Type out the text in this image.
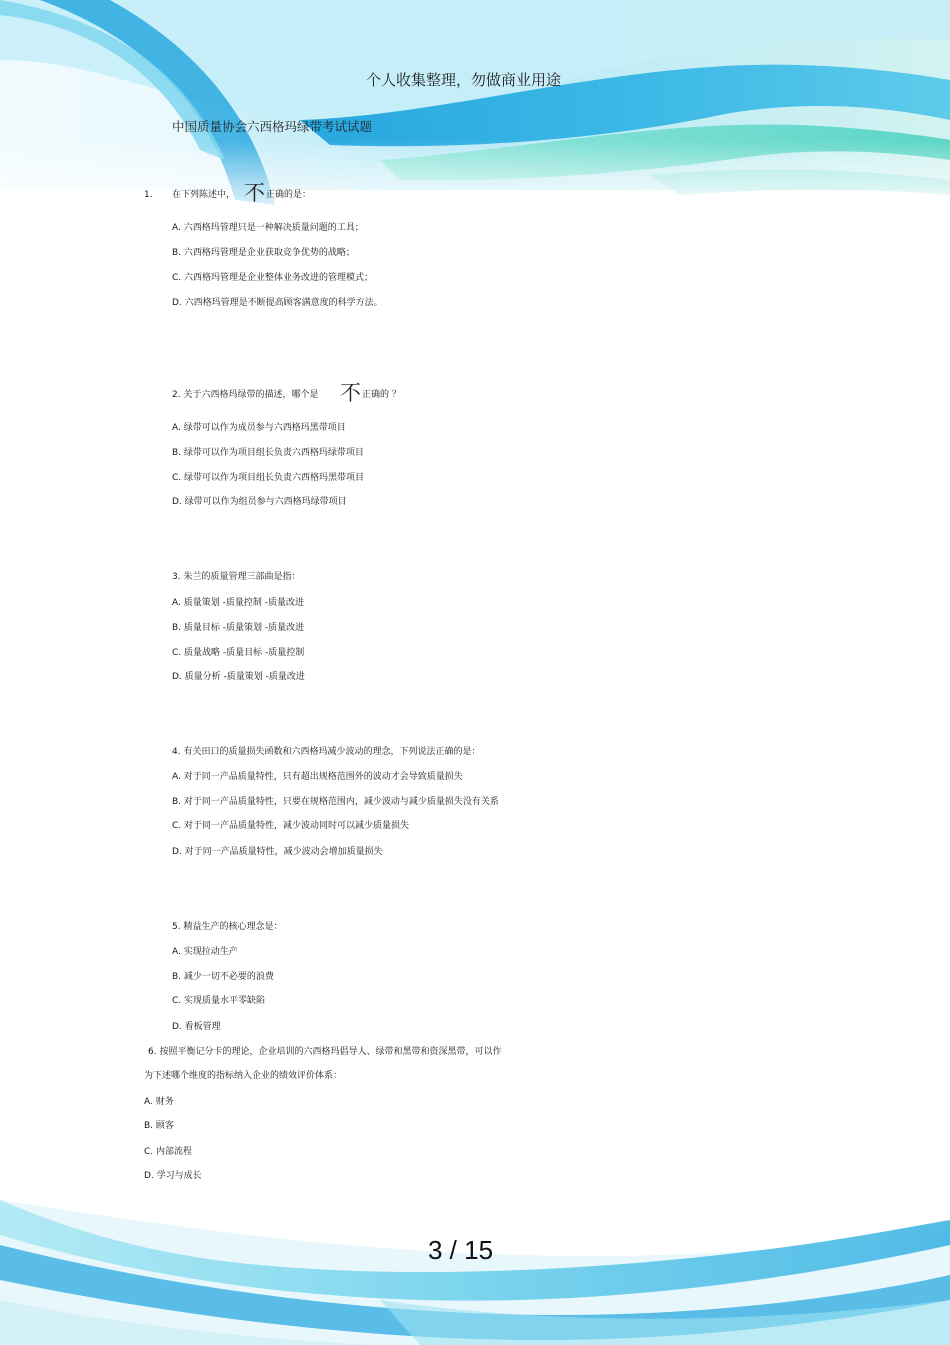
个人收集整理，勿做商业用途
中国质量协会六西格玛绿带考试试题
1. 在下列陈述中， 不 正确的是：
A. 六西格玛管理只是一种解决质量问题的工具；
B. 六西格玛管理是企业获取竞争优势的战略；
C. 六西格玛管理是企业整体业务改进的管理模式；
D. 六西格玛管理是不断提高顾客满意度的科学方法。
2. 关于六西格玛绿带的描述，哪个是 不 正确的 ？
A. 绿带可以作为成员参与六西格玛黑带项目
B. 绿带可以作为项目组长负责六西格玛绿带项目
C. 绿带可以作为项目组长负责六西格玛黑带项目
D. 绿带可以作为组员参与六西格玛绿带项目
3. 朱兰的质量管理三部曲是指：
A. 质量策划 -质量控制 -质量改进
B. 质量目标 -质量策划 -质量改进
C. 质量战略 -质量目标 -质量控制
D. 质量分析 -质量策划 -质量改进
4. 有关田口的质量损失函数和六西格玛减少波动的理念，下列说法正确的是：
A. 对于同一产品质量特性，只有超出规格范围外的波动才会导致质量损失
B. 对于同一产品质量特性，只要在规格范围内，减少波动与减少质量损失没有关系
C. 对于同一产品质量特性，减少波动同时可以减少质量损失
D. 对于同一产品质量特性，减少波动会增加质量损失
5. 精益生产的核心理念是：
A. 实现拉动生产
B. 减少一切不必要的浪费
C. 实现质量水平零缺陷
D. 看板管理
6. 按照平衡记分卡的理论，企业培训的六西格玛倡导人、绿带和黑带和资深黑带，可以作
为下述哪个维度的指标纳入企业的绩效评价体系：
A. 财务
B. 顾客
C. 内部流程
D. 学习与成长
3 / 15
